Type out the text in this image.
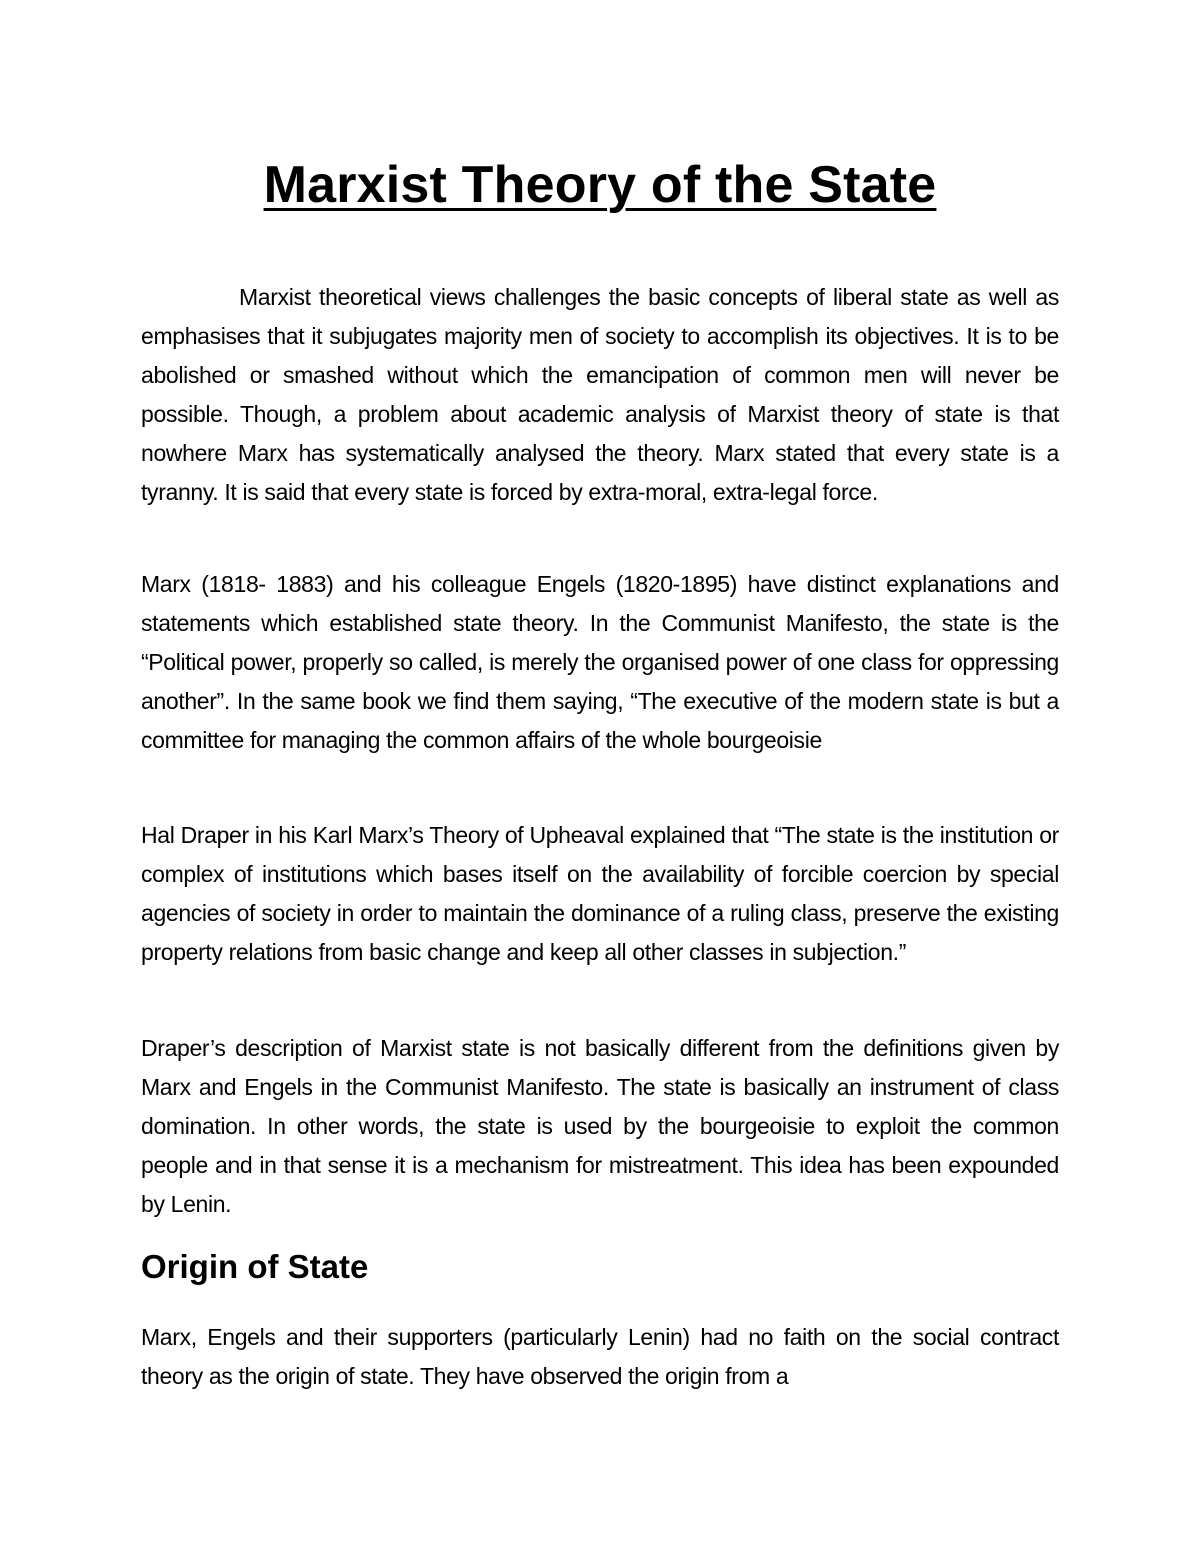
Marxist Theory of the State

Marxist theoretical views challenges the basic concepts of liberal state as well as emphasises that it subjugates majority men of society to accomplish its objectives. It is to be abolished or smashed without which the emancipation of common men will never be possible. Though, a problem about academic analysis of Marxist theory of state is that nowhere Marx has systematically analysed the theory. Marx stated that every state is a tyranny. It is said that every state is forced by extra-moral, extra-legal force.

Marx (1818- 1883) and his colleague Engels (1820-1895) have distinct explanations and statements which established state theory. In the Communist Manifesto, the state is the “Political power, properly so called, is merely the organised power of one class for oppressing another”. In the same book we find them saying, “The executive of the modern state is but a committee for managing the common affairs of the whole bourgeoisie

Hal Draper in his Karl Marx’s Theory of Upheaval explained that “The state is the institution or complex of institutions which bases itself on the availability of forcible coercion by special agencies of society in order to maintain the dominance of a ruling class, preserve the existing property relations from basic change and keep all other classes in subjection.”

Draper’s description of Marxist state is not basically different from the definitions given by Marx and Engels in the Communist Manifesto. The state is basically an instrument of class domination. In other words, the state is used by the bourgeoisie to exploit the common people and in that sense it is a mechanism for mistreatment. This idea has been expounded by Lenin.

Origin of State

Marx, Engels and their supporters (particularly Lenin) had no faith on the social contract theory as the origin of state. They have observed the origin from a
